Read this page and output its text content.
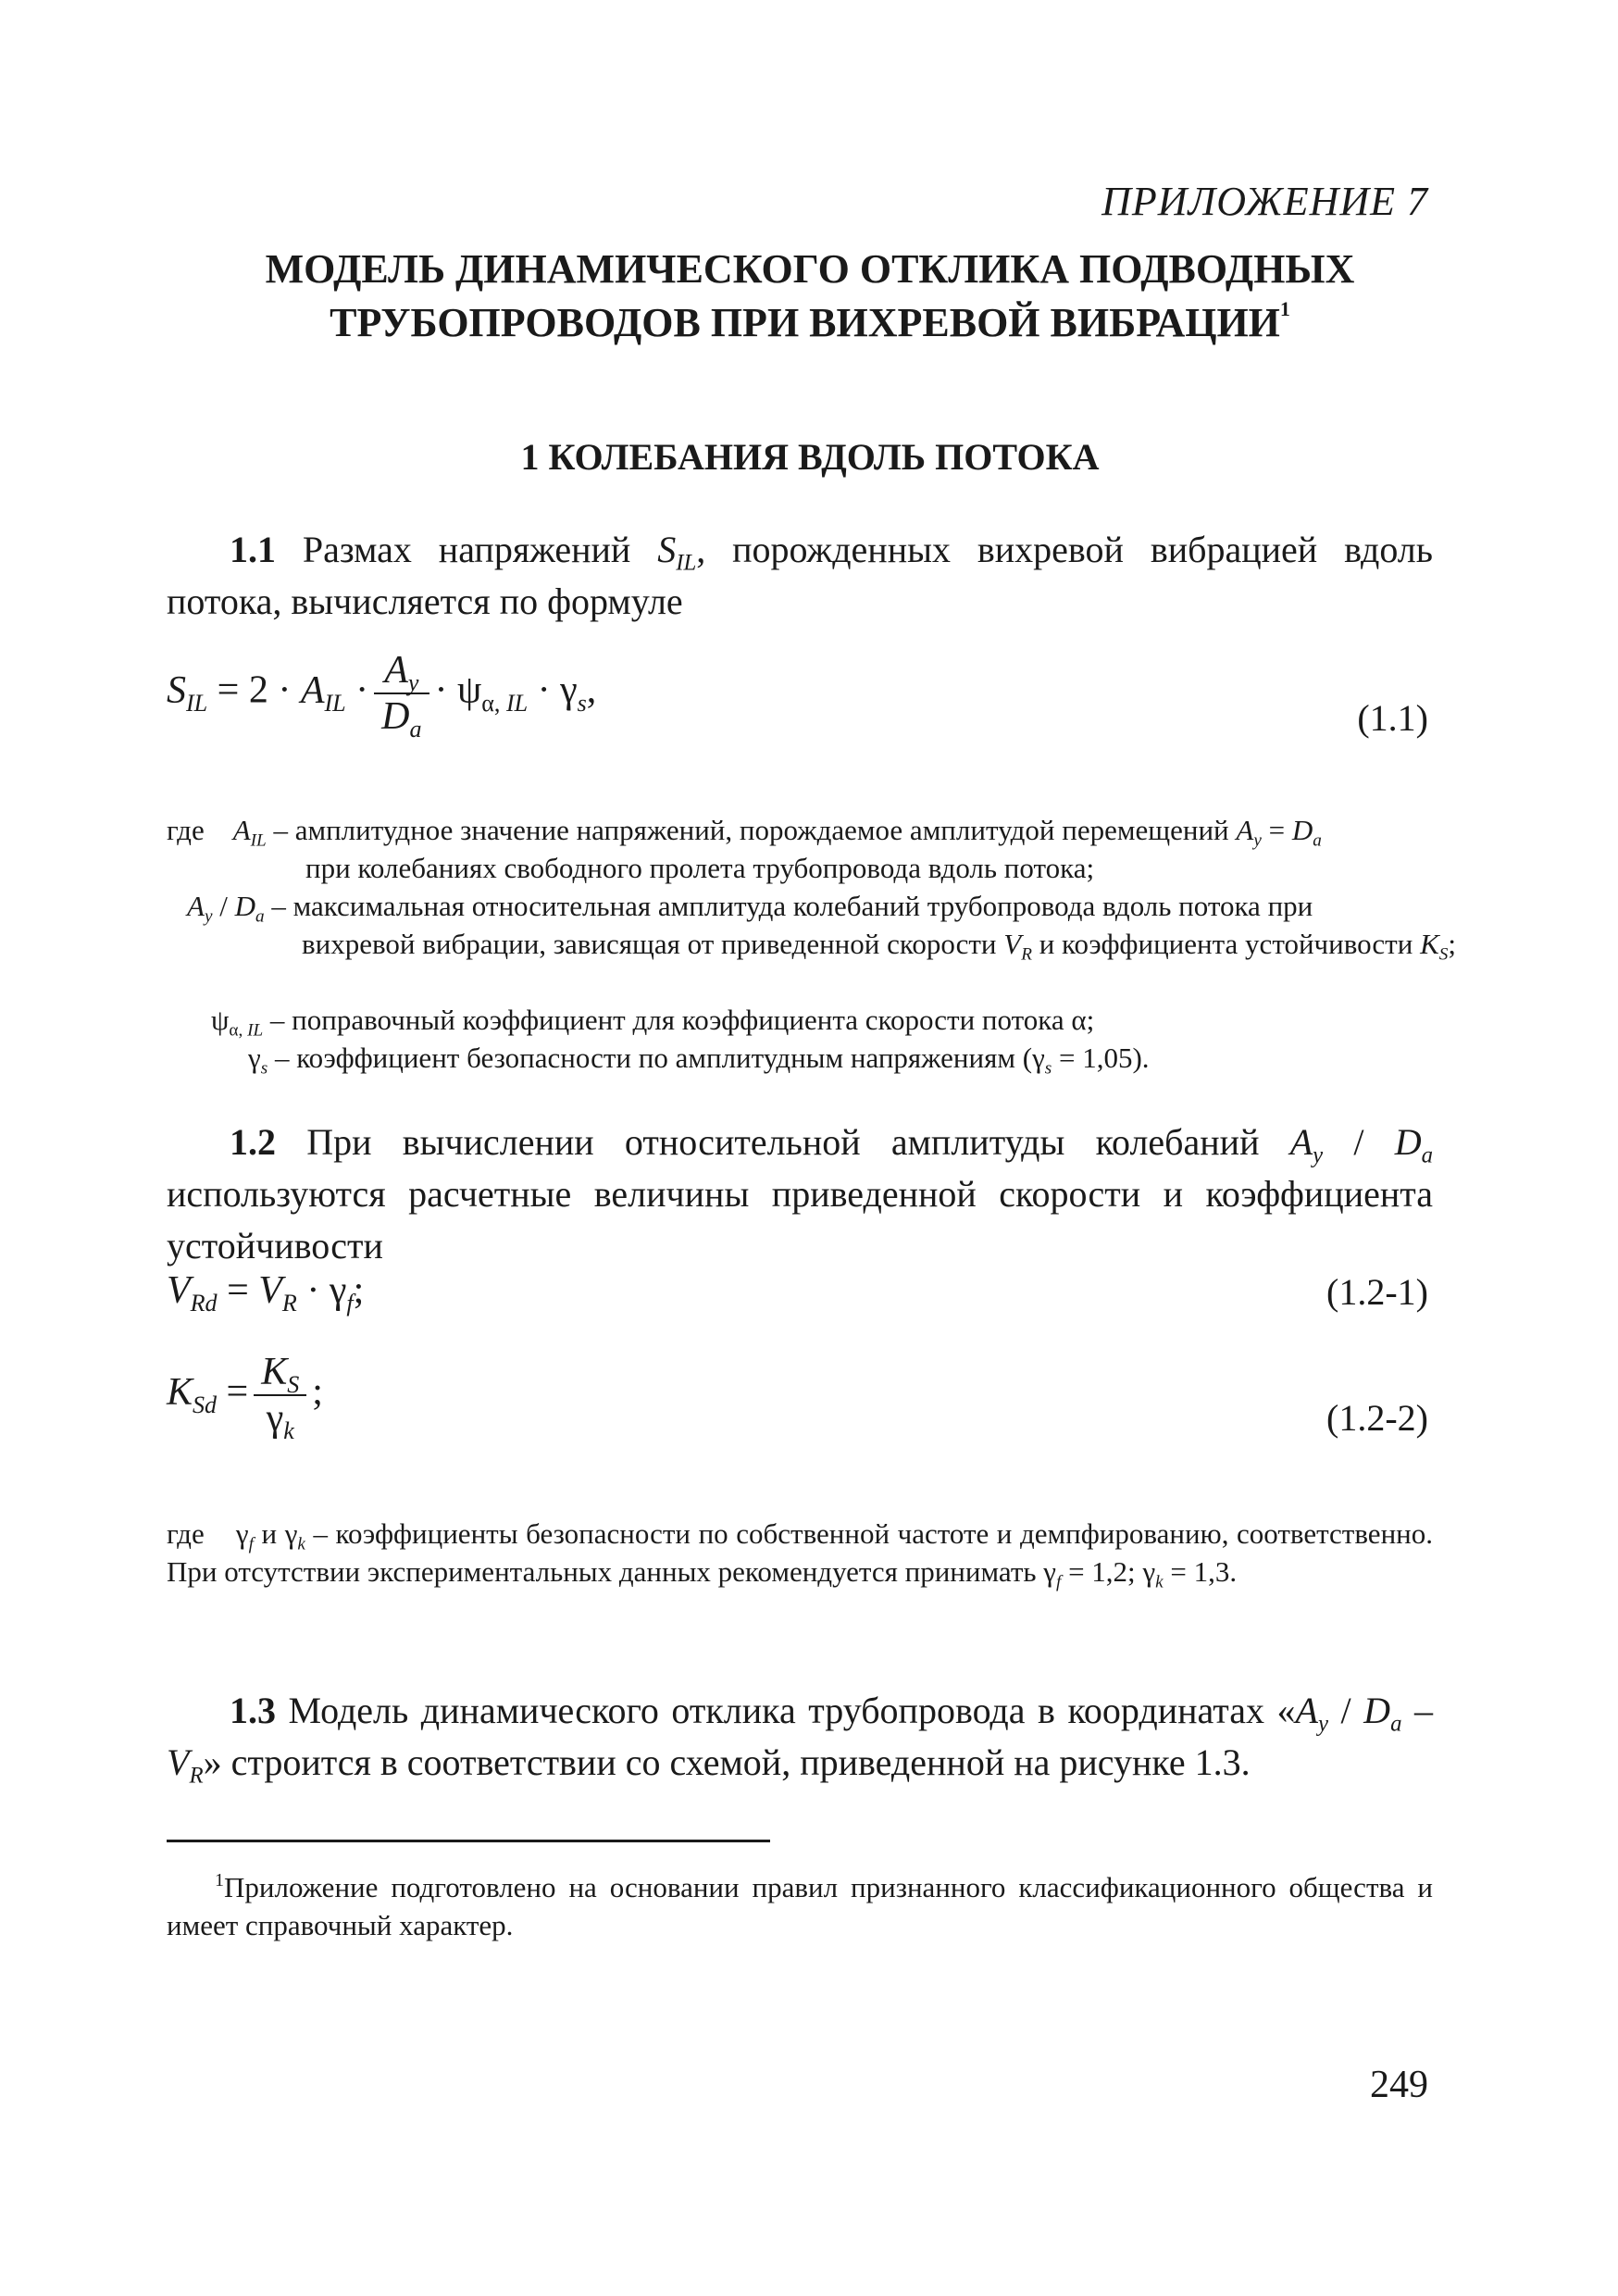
ПРИЛОЖЕНИЕ 7
МОДЕЛЬ ДИНАМИЧЕСКОГО ОТКЛИКА ПОДВОДНЫХ
ТРУБОПРОВОДОВ ПРИ ВИХРЕВОЙ ВИБРАЦИИ$^1$
1 КОЛЕБАНИЯ ВДОЛЬ ПОТОКА
1.1 Размах напряжений $S_{IL}$, порожденных вихревой вибрацией вдоль потока, вычисляется по формуле
$S_{IL} = 2 \cdot A_{IL} \cdot \frac{A_y}{D_a} \cdot \psi_{\alpha, IL} \cdot \gamma_s$,
(1.1)
где $A_{IL}$ – амплитудное значение напряжений, порождаемое амплитудой перемещений $A_y = D_a$
при колебаниях свободного пролета трубопровода вдоль потока;
$A_y / D_a$ – максимальная относительная амплитуда колебаний трубопровода вдоль потока при
вихревой вибрации, зависящая от приведенной скорости $V_R$ и коэффициента устойчивости $K_S$;
$\psi_{\alpha, IL}$ – поправочный коэффициент для коэффициента скорости потока α;
$\gamma_s$ – коэффициент безопасности по амплитудным напряжениям $(\gamma_s = 1,05)$.
1.2 При вычислении относительной амплитуды колебаний $A_y / D_a$ используются расчетные величины приведенной скорости и коэффициента устойчивости
$V_{Rd} = V_R \cdot \gamma_f$;	(1.2-1)
$K_{Sd} = \frac{K_S}{\gamma_k}$ ;
(1.2-2)
где    $\gamma_f$ и $\gamma_k$ – коэффициенты безопасности по собственной частоте и демпфированию, соответственно. При отсутствии экспериментальных данных рекомендуется принимать $\gamma_f = 1,2$; $\gamma_k = 1,3$.
1.3 Модель динамического отклика трубопровода в координатах «$A_y / D_a - V_R$» строится в соответствии со схемой, приведенной на рисунке 1.3.
$^1$Приложение подготовлено на основании правил признанного классификационного общества и имеет справочный характер.
249
